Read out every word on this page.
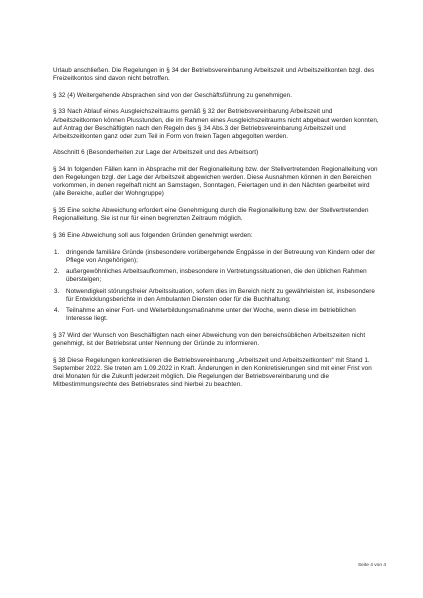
Urlaub anschließen. Die Regelungen in § 34 der Betriebsvereinbarung Arbeitszeit und Arbeitszeitkonten bzgl. des Freizeitkontos sind davon nicht betroffen.

§ 32 (4) Weitergehende Absprachen sind von der Geschäftsführung zu genehmigen.

§ 33 Nach Ablauf eines Ausgleichszeitraums gemäß § 32 der Betriebsvereinbarung Arbeitszeit und Arbeitszeitkonten können Plusstunden, die im Rahmen eines Ausgleichszeitraums nicht abgebaut werden konnten, auf Antrag der Beschäftigten nach den Regeln des § 34 Abs.3 der Betriebsvereinbarung Arbeitszeit und Arbeitszeitkonten ganz oder zum Teil in Form von freien Tagen abgegolten werden.

Abschnitt 6 (Besonderheiten zur Lage der Arbeitszeit und des Arbeitsort)

§ 34 In folgenden Fällen kann in Absprache mit der Regionalleitung bzw. der Stellvertretenden Regionalleitung von den Regelungen bzgl. der Lage der Arbeitszeit abgewichen werden. Diese Ausnahmen können in den Bereichen vorkommen, in denen regelhaft nicht an Samstagen, Sonntagen, Feiertagen und in den Nächten gearbeitet wird (alle Bereiche, außer der Wohngruppe)

§ 35 Eine solche Abweichung erfordert eine Genehmigung durch die Regionalleitung bzw. der Stellvertretenden Regionalleitung. Sie ist nur für einen begrenzten Zeitraum möglich.

§ 36 Eine Abweichung soll aus folgenden Gründen genehmigt werden:

1.	dringende familiäre Gründe (insbesondere vorübergehende Engpässe in der Betreuung von Kindern oder der Pflege von Angehörigen);
2.	außergewöhnliches Arbeitsaufkommen, insbesondere in Vertretungssituationen, die den üblichen Rahmen übersteigen;
3.	Notwendigkeit störungsfreier Arbeitssituation, sofern dies im Bereich nicht zu gewährleisten ist, insbesondere für Entwicklungsberichte in den Ambulanten Diensten oder für die Buchhaltung;
4.	Teilnahme an einer Fort- und Weiterbildungsmaßnahme unter der Woche, wenn diese im betrieblichen Interesse liegt.

§ 37 Wird der Wunsch von Beschäftigten nach einer Abweichung von den bereichsüblichen Arbeitszeiten nicht genehmigt, ist der Betriebsrat unter Nennung der Gründe zu informieren.

§ 38 Diese Regelungen konkretisieren die Betriebsvereinbarung „Arbeitszeit und Arbeitszeitkonten“ mit Stand 1. September 2022. Sie treten am 1.09.2022 in Kraft. Änderungen in den Konkretisierungen sind mit einer Frist von drei Monaten für die Zukunft jederzeit möglich. Die Regelungen der Betriebsvereinbarung und die Mitbestimmungsrechte des Betriebsrates sind hierbei zu beachten.

Seite 4 von 4
